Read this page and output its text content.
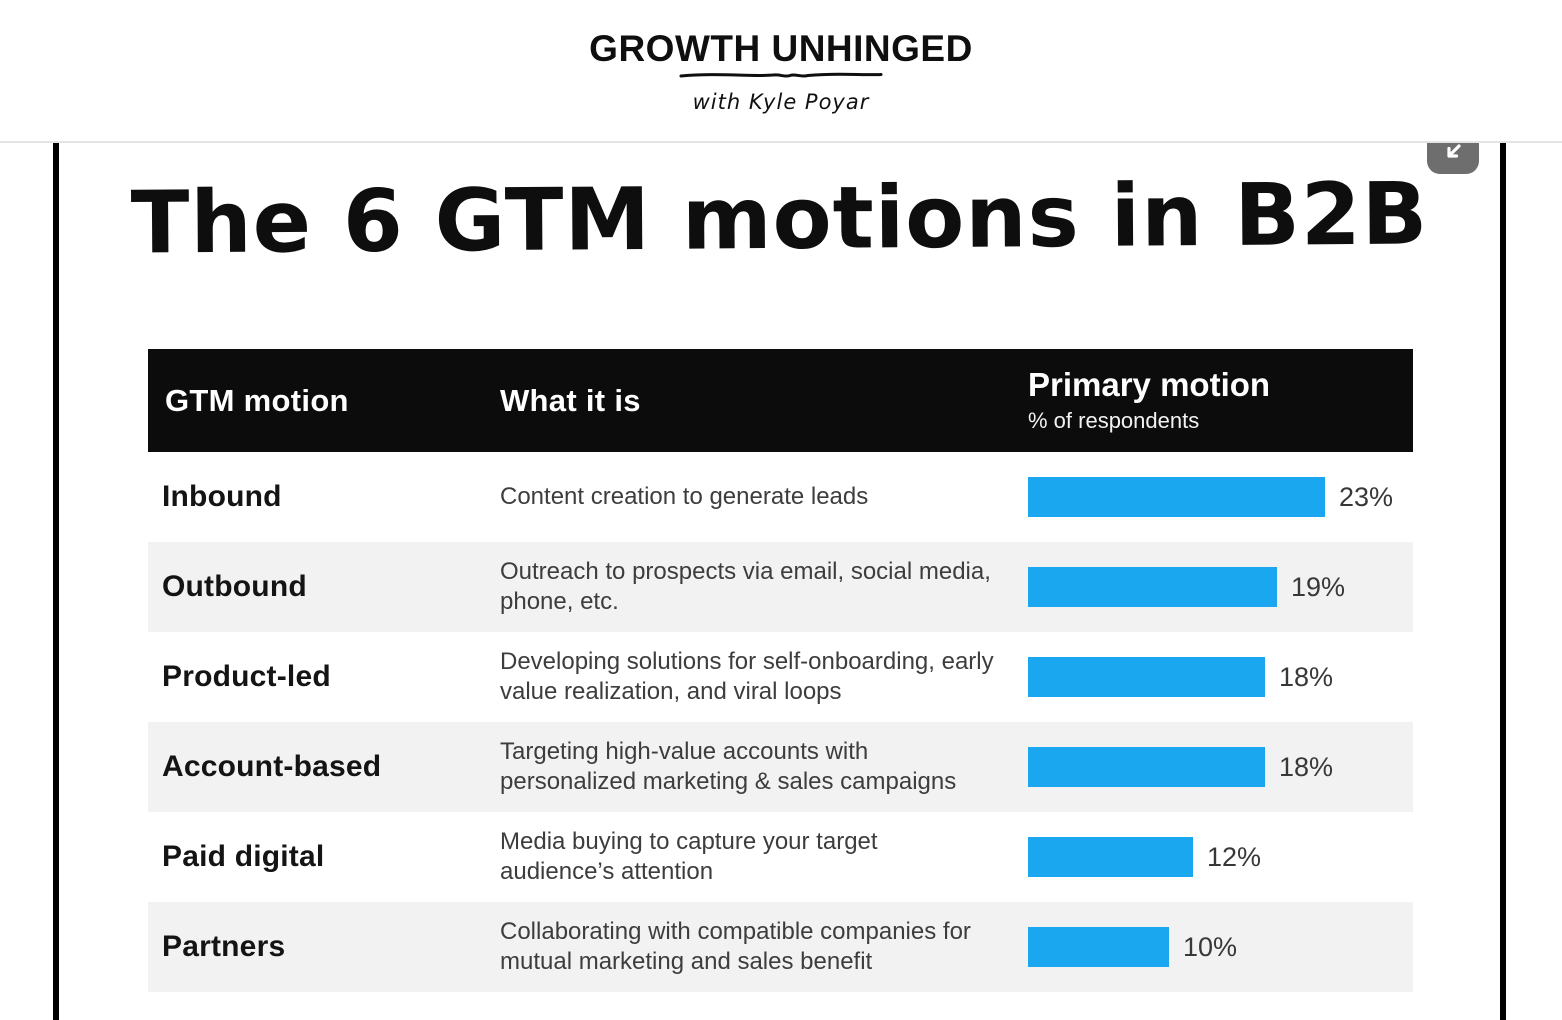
GROWTH UNHINGED
with Kyle Poyar
The 6 GTM motions in B2B
GTM motion	What it is	Primary motion
% of respondents
Inbound	Content creation to generate leads	23%
Outbound	Outreach to prospects via email, social media, phone, etc.	19%
Product-led	Developing solutions for self-onboarding, early value realization, and viral loops	18%
Account-based	Targeting high-value accounts with personalized marketing & sales campaigns	18%
Paid digital	Media buying to capture your target audience’s attention	12%
Partners	Collaborating with compatible companies for mutual marketing and sales benefit	10%
